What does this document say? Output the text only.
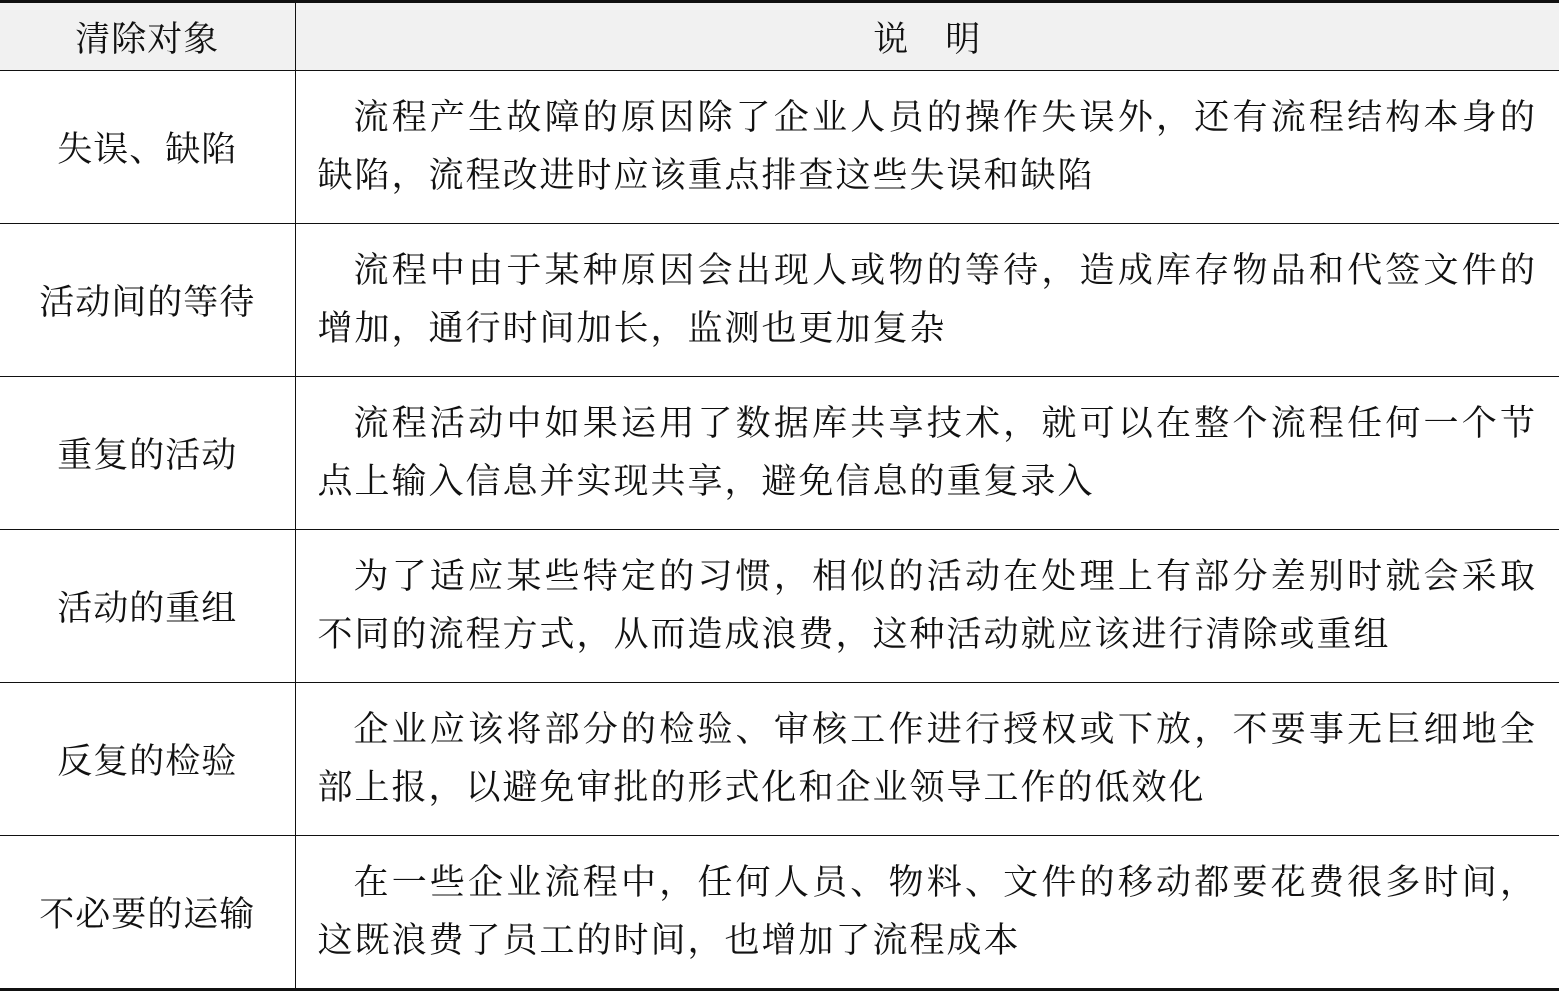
清除对象	说　明
失误、缺陷	流程产生故障的原因除了企业人员的操作失误外，还有流程结构本身的缺陷，流程改进时应该重点排查这些失误和缺陷

活动间的等待	流程中由于某种原因会出现人或物的等待，造成库存物品和代签文件的增加，通行时间加长，监测也更加复杂

重复的活动	流程活动中如果运用了数据库共享技术，就可以在整个流程任何一个节点上输入信息并实现共享，避免信息的重复录入

活动的重组	为了适应某些特定的习惯，相似的活动在处理上有部分差别时就会采取不同的流程方式，从而造成浪费，这种活动就应该进行清除或重组

反复的检验	企业应该将部分的检验、审核工作进行授权或下放，不要事无巨细地全部上报，以避免审批的形式化和企业领导工作的低效化

不必要的运输	在一些企业流程中，任何人员、物料、文件的移动都要花费很多时间，这既浪费了员工的时间，也增加了流程成本
